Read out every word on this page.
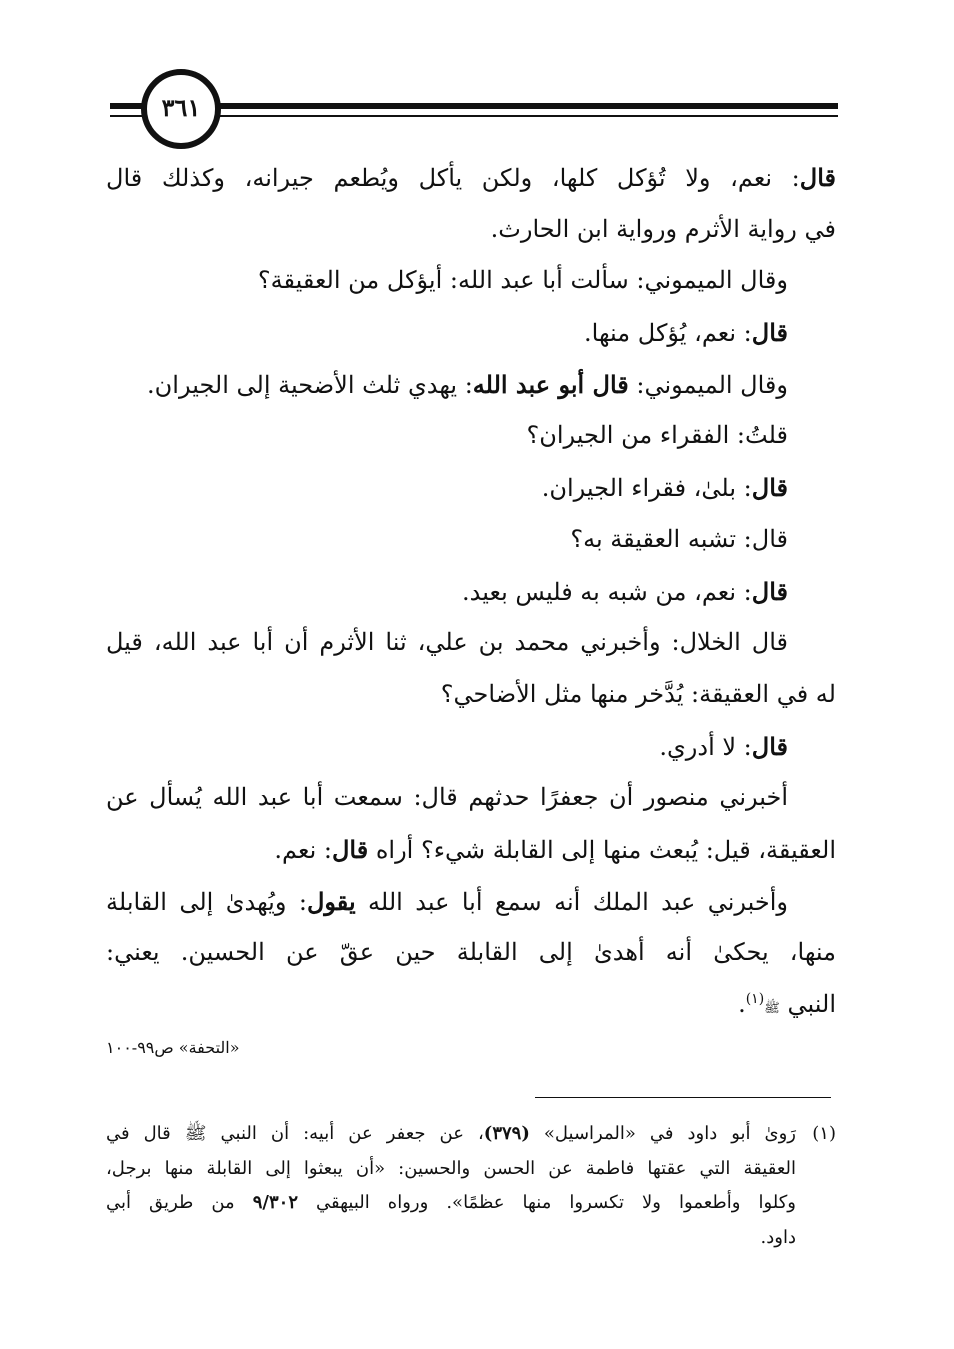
٣٦١
قال: نعم، ولا تُؤكل كلها، ولكن يأكل ويُطعم جيرانه، وكذلك قال
في رواية الأثرم ورواية ابن الحارث.
وقال الميموني: سألت أبا عبد الله: أيؤكل من العقيقة؟
قال: نعم، يُؤكل منها.
وقال الميموني: قال أبو عبد الله: يهدي ثلث الأضحية إلى الجيران.
قلتُ: الفقراء من الجيران؟
قال: بلىٰ، فقراء الجيران.
قال: تشبه العقيقة به؟
قال: نعم، من شبه به فليس بعيد.
قال الخلال: وأخبرني محمد بن علي، ثنا الأثرم أن أبا عبد الله، قيل
له في العقيقة: يُدَّخر منها مثل الأضاحي؟
قال: لا أدري.
أخبرني منصور أن جعفرًا حدثهم قال: سمعت أبا عبد الله يُسأل عن
العقيقة، قيل: يُبعث منها إلى القابلة شيء؟ أراه قال: نعم.
وأخبرني عبد الملك أنه سمع أبا عبد الله يقول: ويُهدىٰ إلى القابلة
منها، يحكىٰ أنه أهدىٰ إلى القابلة حين عقّ عن الحسين. يعني:
النبي ﷺ$^{(١)}$.
«التحفة» ص٩٩-١٠٠
(١)رَوىٰ أبو داود في «المراسيل» (٣٧٩)، عن جعفر عن أبيه: أن النبي ﷺ قال في
العقيقة التي عقتها فاطمة عن الحسن والحسين: «أن يبعثوا إلى القابلة منها برجل،
وكلوا وأطعموا ولا تكسروا منها عظمًا». ورواه البيهقي ٩/٣٠٢ من طريق أبي
داود.
